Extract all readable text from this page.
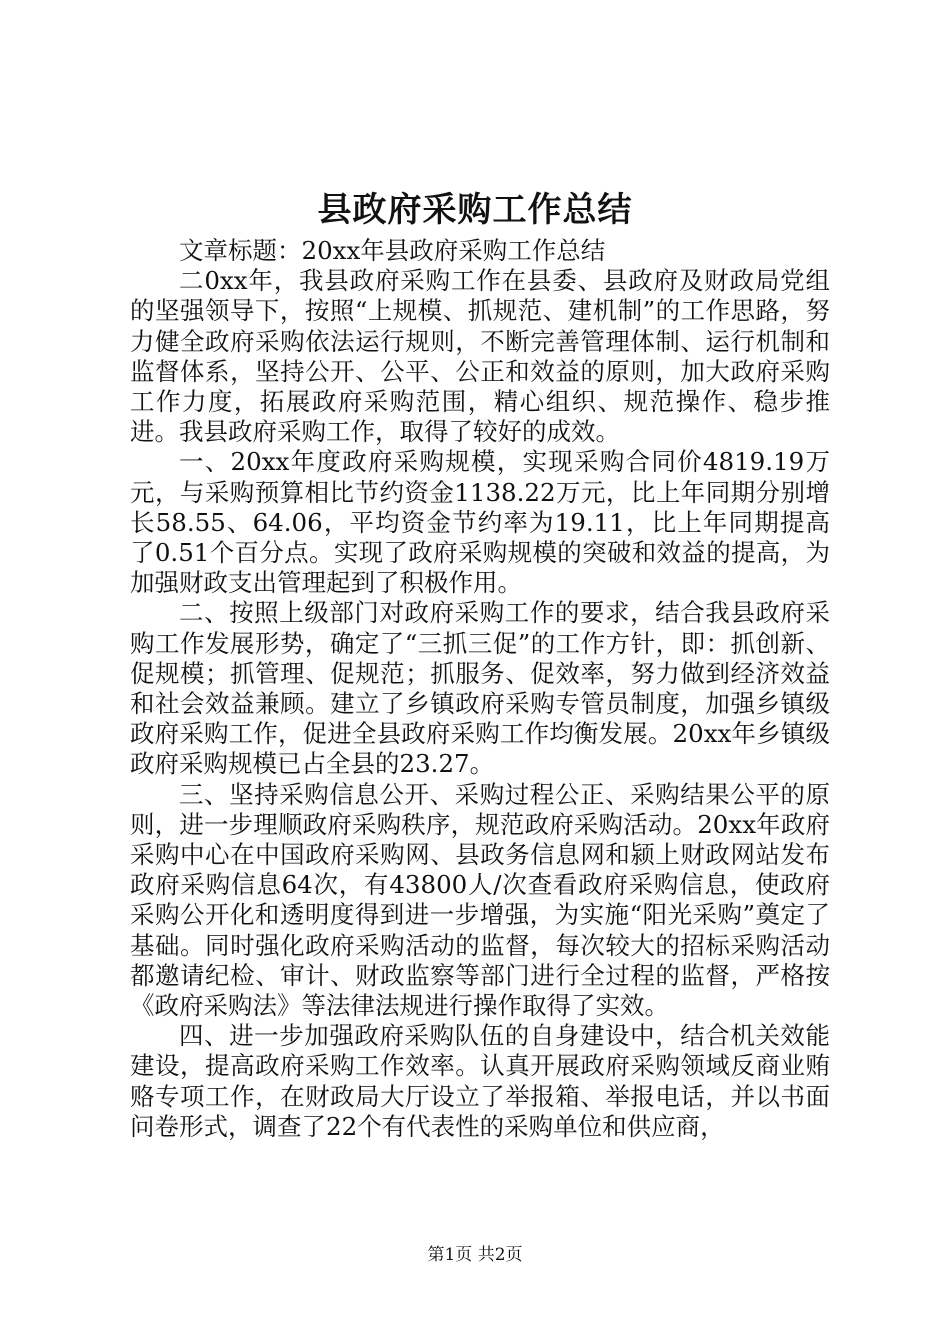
县政府采购工作总结

文章标题：20xx年县政府采购工作总结

二0xx年，我县政府采购工作在县委、县政府及财政局党组的坚强领导下，按照“上规模、抓规范、建机制”的工作思路，努力健全政府采购依法运行规则，不断完善管理体制、运行机制和监督体系，坚持公开、公平、公正和效益的原则，加大政府采购工作力度，拓展政府采购范围，精心组织、规范操作、稳步推进。我县政府采购工作，取得了较好的成效。

一、20xx年度政府采购规模，实现采购合同价4819.19万元，与采购预算相比节约资金1138.22万元，比上年同期分别增长58.55、64.06，平均资金节约率为19.11，比上年同期提高了0.51个百分点。实现了政府采购规模的突破和效益的提高，为加强财政支出管理起到了积极作用。

二、按照上级部门对政府采购工作的要求，结合我县政府采购工作发展形势，确定了“三抓三促”的工作方针，即：抓创新、促规模；抓管理、促规范；抓服务、促效率，努力做到经济效益和社会效益兼顾。建立了乡镇政府采购专管员制度，加强乡镇级政府采购工作，促进全县政府采购工作均衡发展。20xx年乡镇级政府采购规模已占全县的23.27。

三、坚持采购信息公开、采购过程公正、采购结果公平的原则，进一步理顺政府采购秩序，规范政府采购活动。20xx年政府采购中心在中国政府采购网、县政务信息网和颍上财政网站发布政府采购信息64次，有43800人/次查看政府采购信息，使政府采购公开化和透明度得到进一步增强，为实施“阳光采购”奠定了基础。同时强化政府采购活动的监督，每次较大的招标采购活动都邀请纪检、审计、财政监察等部门进行全过程的监督，严格按《政府采购法》等法律法规进行操作取得了实效。

四、进一步加强政府采购队伍的自身建设中，结合机关效能建设，提高政府采购工作效率。认真开展政府采购领域反商业贿赂专项工作，在财政局大厅设立了举报箱、举报电话，并以书面问卷形式，调查了22个有代表性的采购单位和供应商，

第1页 共2页
